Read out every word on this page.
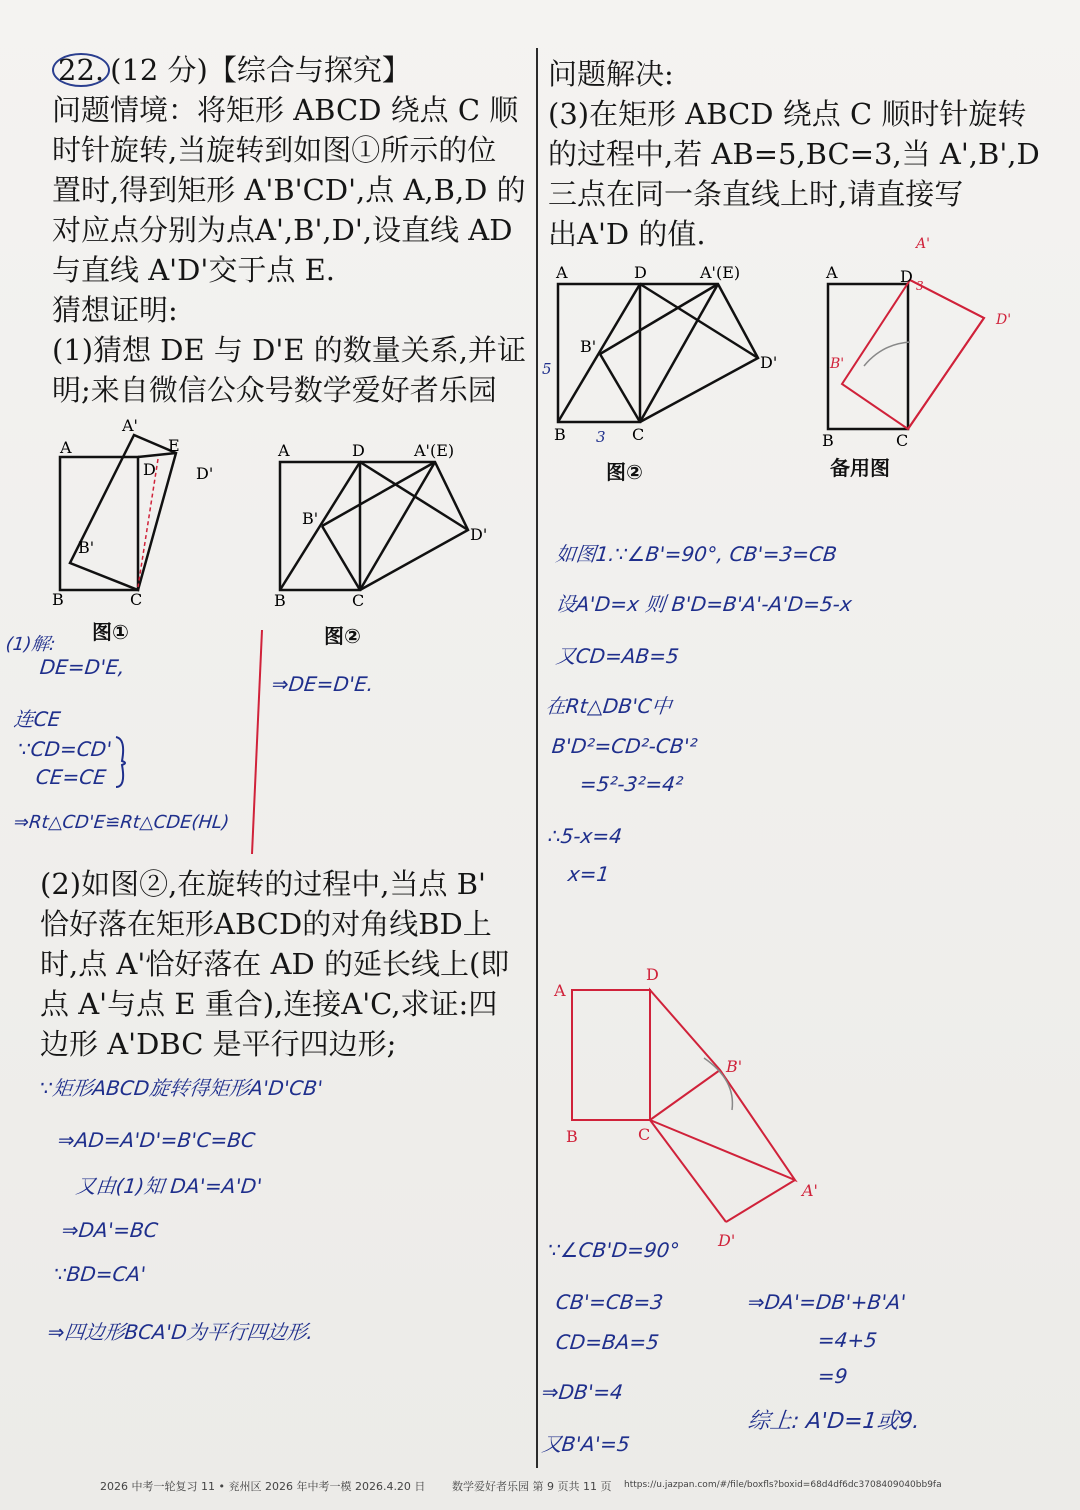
22. (12 分)【综合与探究】

问题情境：将矩形 ABCD 绕点 C 顺

时针旋转,当旋转到如图①所示的位

置时,得到矩形 A'B'CD',点 A,B,D 的

对应点分别为点A',B',D',设直线 AD

与直线 A'D'交于点 E.

猜想证明:

(1)猜想 DE 与 D'E 的数量关系,并证

明;来自微信公众号数学爱好者乐园

A
B	C
D
A'
B'
D'
E
图①
A	D	A'(E)
B'
D'
B	C
图②
(1)解:
DE=D'E,
连CE
∵CD=CD'
CE=CE
⇒Rt△CD'E≌Rt△CDE(HL)
⇒DE=D'E.

(2)如图②,在旋转的过程中,当点 B'

恰好落在矩形ABCD的对角线BD上

时,点 A'恰好落在 AD 的延长线上(即

点 A'与点 E 重合),连接A'C,求证:四

边形 A'DBC 是平行四边形;

∵矩形ABCD旋转得矩形A'D'CB'
⇒AD=A'D'=B'C=BC
又由(1)知 DA'=A'D'
⇒DA'=BC
∵BD=CA'
⇒四边形BCA'D为平行四边形.

问题解决:

(3)在矩形 ABCD 绕点 C 顺时针旋转

的过程中,若 AB=5,BC=3,当 A',B',D

三点在同一条直线上时,请直接写

出A'D 的值.

A	D	A'(E)
B'
D'
B	C
5
3
图②
A	D
B	C
A'
B'
D'
3
备用图
如图1.∵∠B'=90°, CB'=3=CB
设A'D=x 则 B'D=B'A'-A'D=5-x
又CD=AB=5
在Rt△DB'C中
B'D²=CD²-CB'²
=5²-3²=4²
∴5-x=4
x=1
A
D
B	C
B'
A'
D'
∵∠CB'D=90°
CB'=CB=3
CD=BA=5
⇒DB'=4
又B'A'=5
⇒DA'=DB'+B'A'
=4+5
=9
综上: A'D=1或9.
2026 中考一轮复习 11 • 兖州区 2026 年中考一模 2026.4.20 日 数学爱好者乐园 第 9 页共 11 页 https://u.jazpan.com/#/file/boxfls?boxid=68d4df6dc3708409040bb9fa
